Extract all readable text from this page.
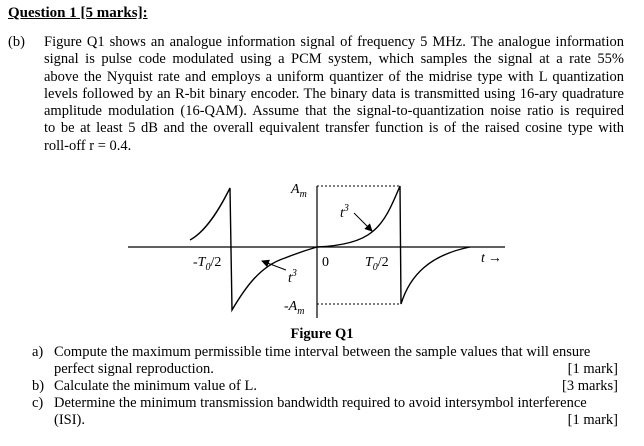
Question 1 [5 marks]:
(b) Figure Q1 shows an analogue information signal of frequency 5 MHz. The analogue information
signal is pulse code modulated using a PCM system, which samples the signal at a rate 55%
above the Nyquist rate and employs a uniform quantizer of the midrise type with L quantization
levels followed by an R-bit binary encoder. The binary data is transmitted using 16-ary quadrature
amplitude modulation (16-QAM). Assume that the signal-to-quantization noise ratio is required
to be at least 5 dB and the overall equivalent transfer function is of the raised cosine type with
roll-off r = 0.4.
$A_m$
$t^3$
$-T_0/2$	0	$T_0/2$	t →
$t^3$
$-A_m$
Figure Q1
a) Compute the maximum permissible time interval between the sample values that will ensure
perfect signal reproduction.	[1 mark]
b) Calculate the minimum value of L.	[3 marks]
c) Determine the minimum transmission bandwidth required to avoid intersymbol interference
(ISI).	[1 mark]
